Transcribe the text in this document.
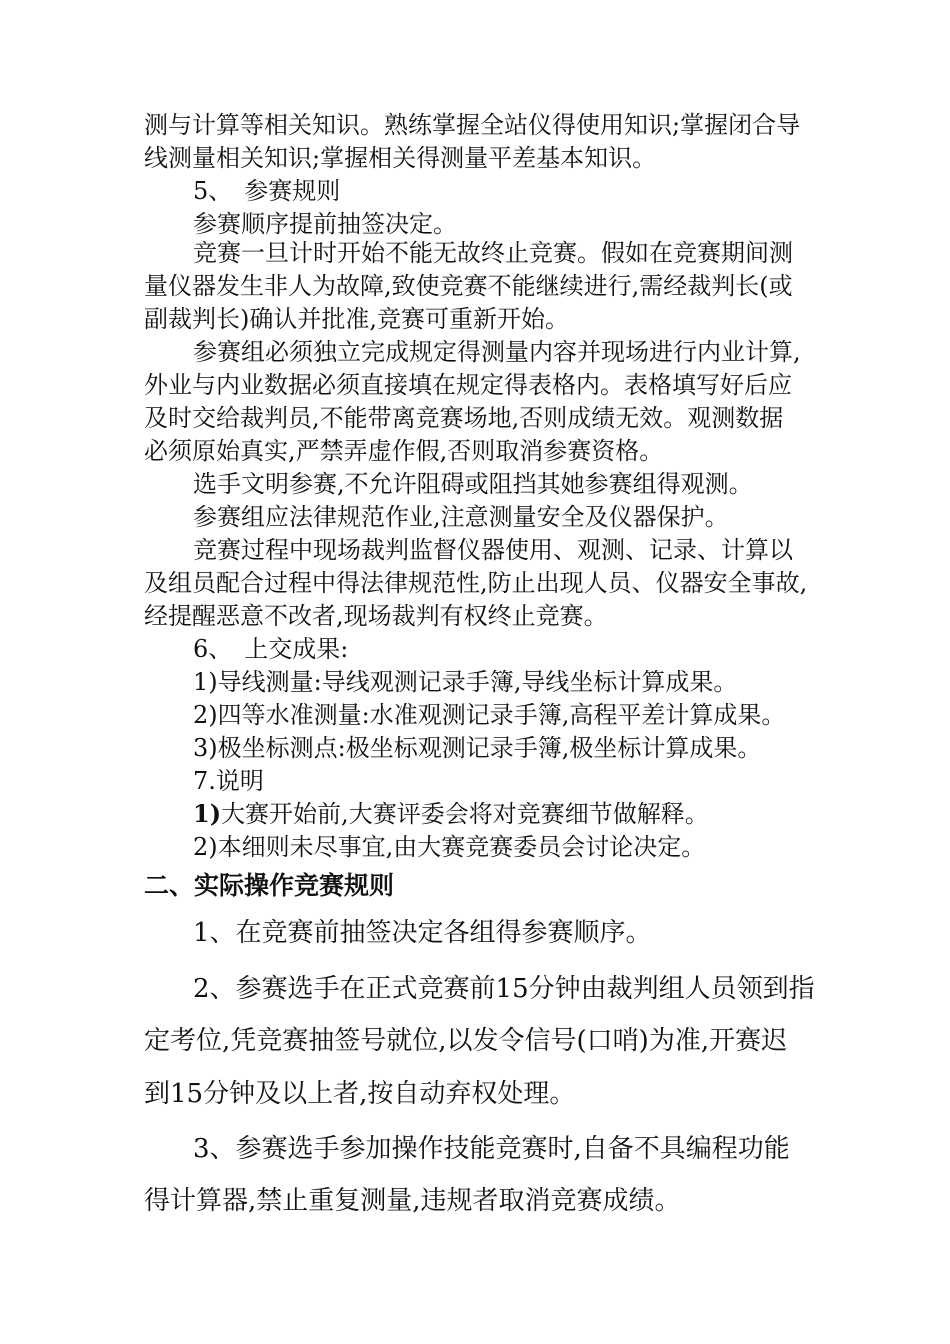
测与计算等相关知识。熟练掌握全站仪得使用知识;掌握闭合导
线测量相关知识;掌握相关得测量平差基本知识。
5、　参赛规则
参赛顺序提前抽签决定。
竞赛一旦计时开始不能无故终止竞赛。假如在竞赛期间测
量仪器发生非人为故障,致使竞赛不能继续进行,需经裁判长(或
副裁判长)确认并批准,竞赛可重新开始。
参赛组必须独立完成规定得测量内容并现场进行内业计算,
外业与内业数据必须直接填在规定得表格内。表格填写好后应
及时交给裁判员,不能带离竞赛场地,否则成绩无效。观测数据
必须原始真实,严禁弄虚作假,否则取消参赛资格。
选手文明参赛,不允许阻碍或阻挡其她参赛组得观测。
参赛组应法律规范作业,注意测量安全及仪器保护。
竞赛过程中现场裁判监督仪器使用、观测、记录、计算以
及组员配合过程中得法律规范性,防止出现人员、仪器安全事故,
经提醒恶意不改者,现场裁判有权终止竞赛。
6、　上交成果:
1)导线测量:导线观测记录手簿,导线坐标计算成果。
2)四等水准测量:水准观测记录手簿,高程平差计算成果。
3)极坐标测点:极坐标观测记录手簿,极坐标计算成果。
7.说明
1)大赛开始前,大赛评委会将对竞赛细节做解释。
2)本细则未尽事宜,由大赛竞赛委员会讨论决定。
二、实际操作竞赛规则
1、在竞赛前抽签决定各组得参赛顺序。
2、参赛选手在正式竞赛前15分钟由裁判组人员领到指
定考位,凭竞赛抽签号就位,以发令信号(口哨)为准,开赛迟
到15分钟及以上者,按自动弃权处理。
3、参赛选手参加操作技能竞赛时,自备不具编程功能
得计算器,禁止重复测量,违规者取消竞赛成绩。
